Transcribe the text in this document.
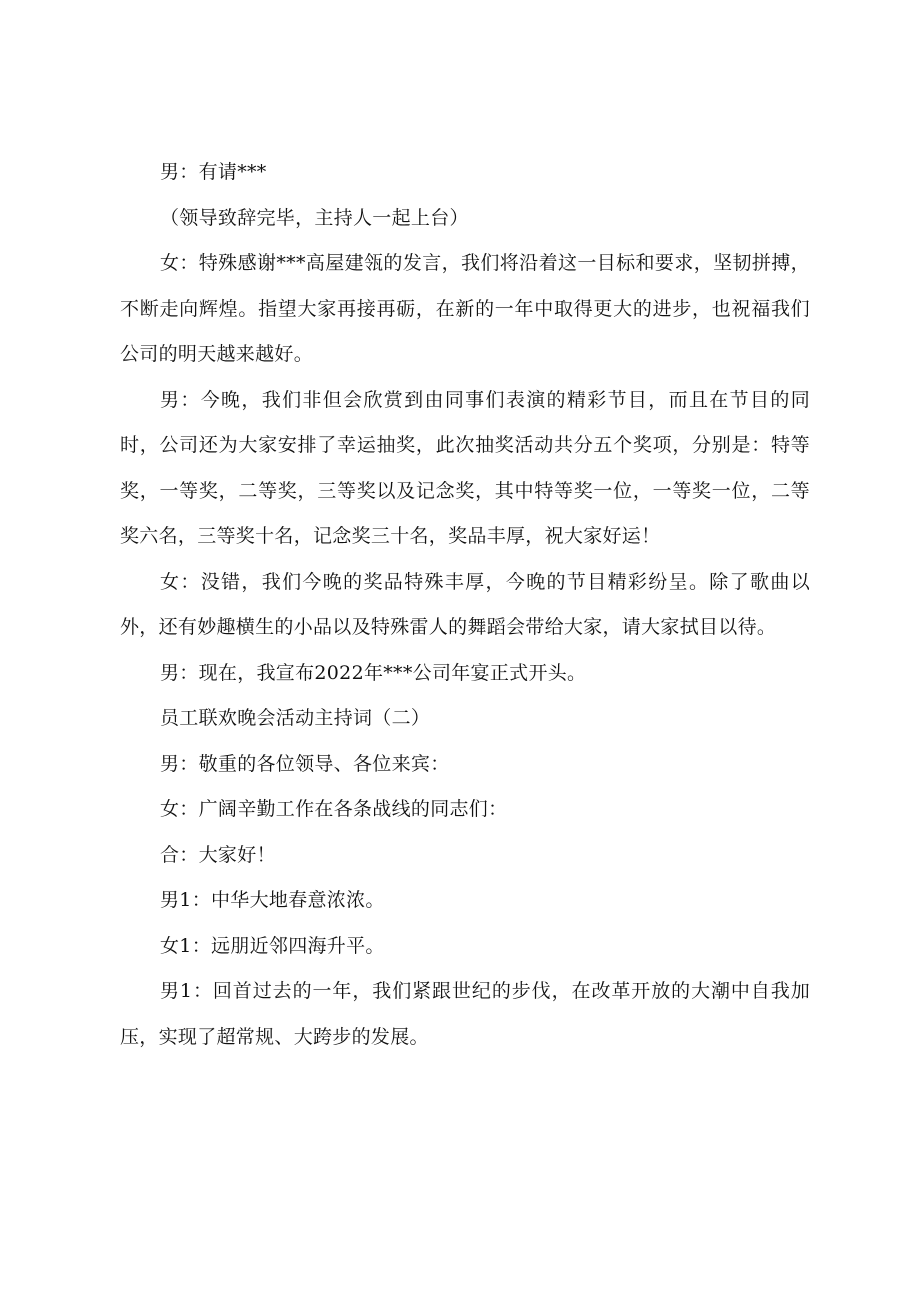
男：有请***

（领导致辞完毕，主持人一起上台）

女：特殊感谢***高屋建瓴的发言，我们将沿着这一目标和要求，坚韧拼搏，不断走向辉煌。指望大家再接再砺，在新的一年中取得更大的进步，也祝福我们公司的明天越来越好。

男：今晚，我们非但会欣赏到由同事们表演的精彩节目，而且在节目的同时，公司还为大家安排了幸运抽奖，此次抽奖活动共分五个奖项，分别是：特等奖，一等奖，二等奖，三等奖以及记念奖，其中特等奖一位，一等奖一位，二等奖六名，三等奖十名，记念奖三十名，奖品丰厚，祝大家好运！

女：没错，我们今晚的奖品特殊丰厚，今晚的节目精彩纷呈。除了歌曲以外，还有妙趣横生的小品以及特殊雷人的舞蹈会带给大家，请大家拭目以待。

男：现在，我宣布2022年***公司年宴正式开头。

员工联欢晚会活动主持词（二）

男：敬重的各位领导、各位来宾：

女：广阔辛勤工作在各条战线的同志们：

合：大家好！

男1：中华大地春意浓浓。

女1：远朋近邻四海升平。

男1：回首过去的一年，我们紧跟世纪的步伐，在改革开放的大潮中自我加压，实现了超常规、大跨步的发展。
